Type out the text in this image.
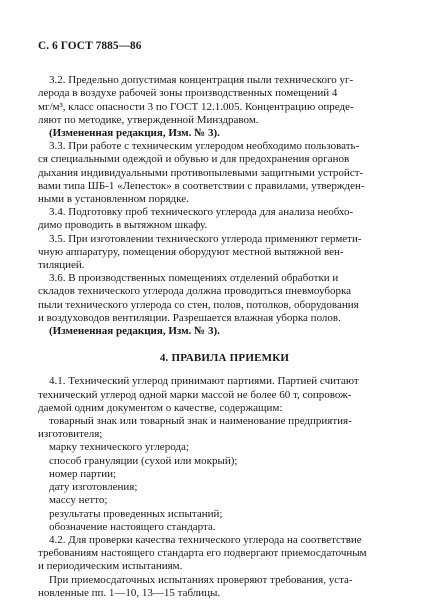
С. 6 ГОСТ 7885—86
3.2. Предельно допустимая концентрация пыли технического уг-
лерода в воздухе рабочей зоны производственных помещений 4
мг/м³, класс опасности 3 по ГОСТ 12.1.005. Концентрацию опреде-
ляют по методике, утвержденной Минздравом.
(Измененная редакция, Изм. № 3).
3.3. При работе с техническим углеродом необходимо пользовать-
ся специальными одеждой и обувью и для предохранения органов
дыхания индивидуальными противопылевыми защитными устройст-
вами типа ШБ-1 «Лепесток» в соответствии с правилами, утвержден-
ными в установленном порядке.
3.4. Подготовку проб технического углерода для анализа необхо-
димо проводить в вытяжном шкафу.
3.5. При изготовлении технического углерода применяют гермети-
чную аппаратуру, помещения оборудуют местной вытяжной вен-
тиляцией.
3.6. В производственных помещениях отделений обработки и
складов технического углерода должна проводиться пневмоуборка
пыли технического углерода со стен, полов, потолков, оборудования
и воздуховодов вентиляции. Разрешается влажная уборка полов.
(Измененная редакция, Изм. № 3).
4. ПРАВИЛА ПРИЕМКИ
4.1. Технический углерод принимают партиями. Партией считают
технический углерод одной марки массой не более 60 т, сопровож-
даемой одним документом о качестве, содержащим:
товарный знак или товарный знак и наименование предприятия-
изготовителя;
марку технического углерода;
способ грануляции (сухой или мокрый);
номер партии;
дату изготовления;
массу нетто;
результаты проведенных испытаний;
обозначение настоящего стандарта.
4.2. Для проверки качества технического углерода на соответствие
требованиям настоящего стандарта его подвергают приемосдаточным
и периодическим испытаниям.
При приемосдаточных испытаниях проверяют требования, уста-
новленные пп. 1—10, 13—15 таблицы.
